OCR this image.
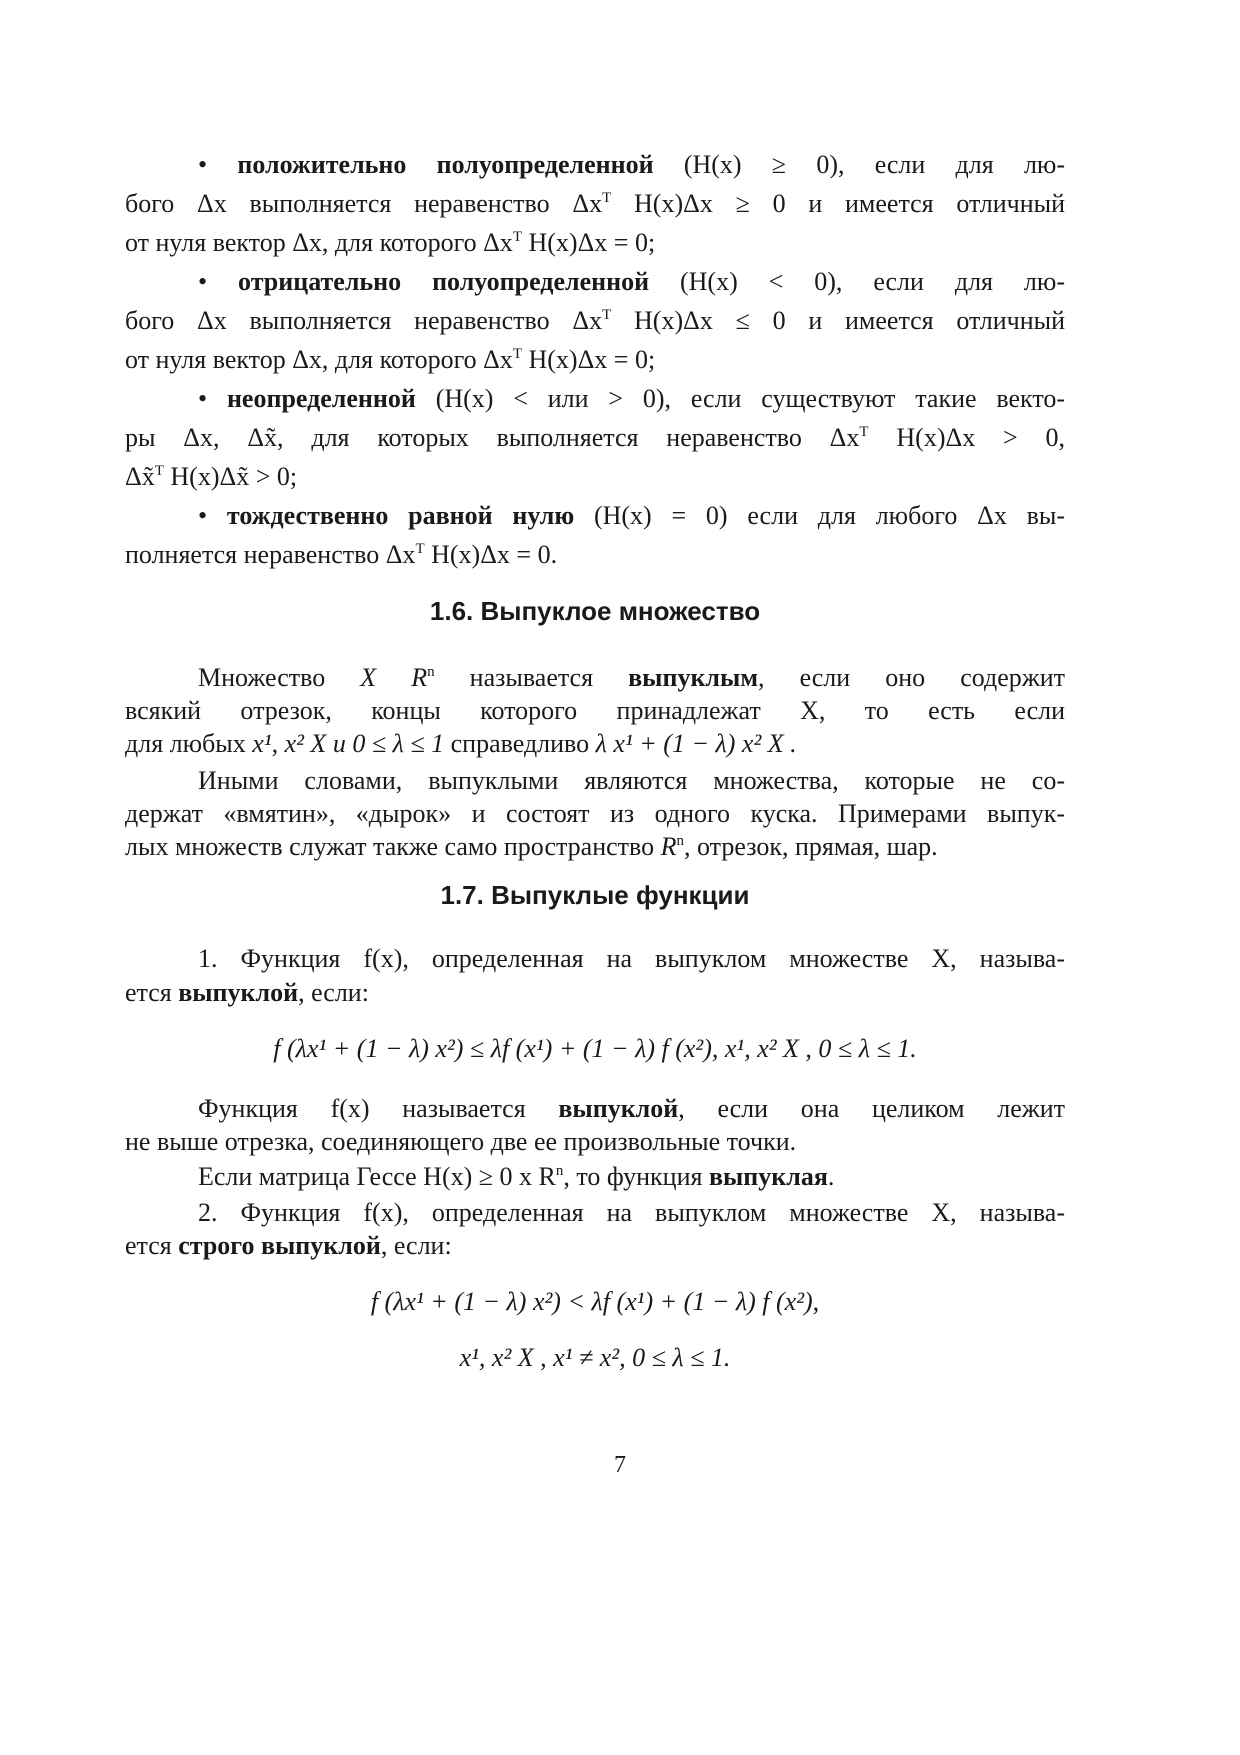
• положительно полуопределенной (H(x) ≥ 0), если для лю-
бого Δx выполняется неравенство $\Delta x^T$ H(x)Δx ≥ 0 и имеется отличный
от нуля вектор Δx, для которого $\Delta x^T$ H(x)Δx = 0;
• отрицательно полуопределенной (H(x) < 0), если для лю-
бого Δx выполняется неравенство $\Delta x^T$ H(x)Δx ≤ 0 и имеется отличный
от нуля вектор Δx, для которого $\Delta x^T$ H(x)Δx = 0;
• неопределенной (H(x) < или > 0), если существуют такие векто-
ры Δx, Δx̃, для которых выполняется неравенство $\Delta x^T$ H(x)Δx > 0,
Δx̃$^T$ H(x)Δx̃ > 0;
• тождественно равной нулю (H(x) = 0) если для любого Δx вы-
полняется неравенство $\Delta x^T$ H(x)Δx = 0.
1.6. Выпуклое множество
Множество X $R^n$ называется выпуклым, если оно содержит
всякий отрезок, концы которого принадлежат X, то есть если
для любых x¹, x² X и 0 ≤ λ ≤ 1 справедливо λ x¹ + (1 − λ) x² X .
Иными словами, выпуклыми являются множества, которые не со-
держат «вмятин», «дырок» и состоят из одного куска. Примерами выпук-
лых множеств служат также само пространство $R^n$, отрезок, прямая, шар.
1.7. Выпуклые функции
1. Функция f(x), определенная на выпуклом множестве X, называ-
ется выпуклой, если:
f (λx¹ + (1 − λ) x²) ≤ λf (x¹) + (1 − λ) f (x²), x¹, x² X , 0 ≤ λ ≤ 1.
Функция f(x) называется выпуклой, если она целиком лежит
не выше отрезка, соединяющего две ее произвольные точки.
Если матрица Гессе H(x) ≥ 0 x $R^n$, то функция выпуклая.
2. Функция f(x), определенная на выпуклом множестве X, называ-
ется строго выпуклой, если:
f (λx¹ + (1 − λ) x²) < λf (x¹) + (1 − λ) f (x²),
x¹, x² X , x¹ ≠ x², 0 ≤ λ ≤ 1.
7
